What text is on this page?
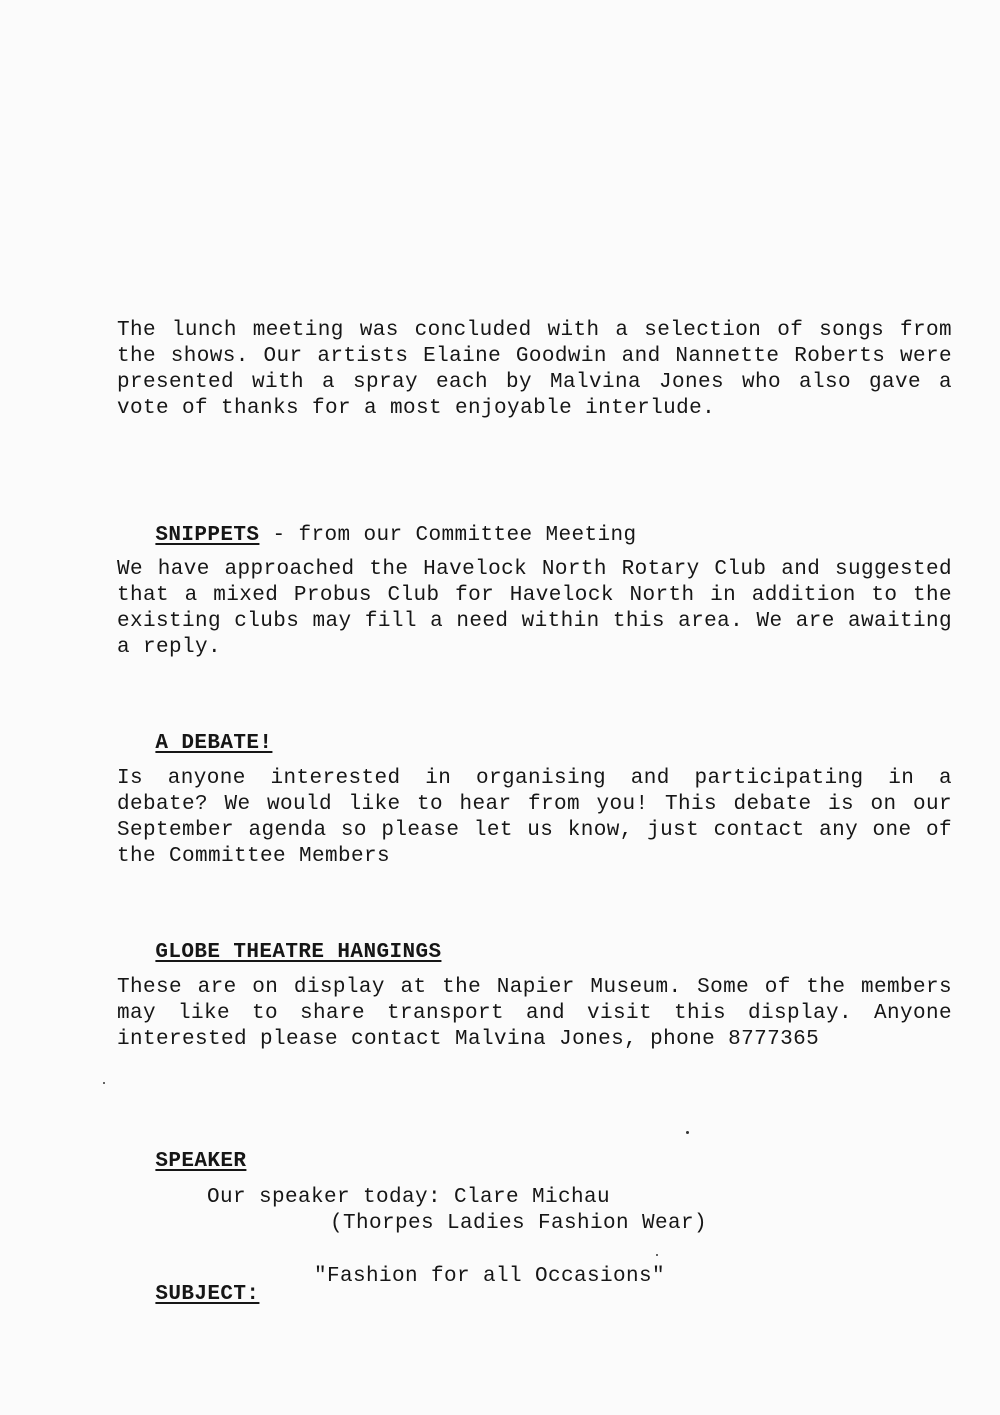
The lunch meeting was concluded with a selection of songs from the shows. Our artists Elaine Goodwin and Nannette Roberts were presented with a spray each by Malvina Jones who also gave a vote of thanks for a most enjoyable interlude.

SNIPPETS - from our Committee Meeting

We have approached the Havelock North Rotary Club and suggested that a mixed Probus Club for Havelock North in addition to the existing clubs may fill a need within this area. We are awaiting a reply.

A DEBATE!

Is anyone interested in organising and participating in a debate? We would like to hear from you! This debate is on our September agenda so please let us know, just contact any one of the Committee Members

GLOBE THEATRE HANGINGS

These are on display at the Napier Museum. Some of the members may like to share transport and visit this display. Anyone interested please contact Malvina Jones, phone 8777365

SPEAKER

Our speaker today: Clare Michau
(Thorpes Ladies Fashion Wear)

SUBJECT:

"Fashion for all Occasions"
